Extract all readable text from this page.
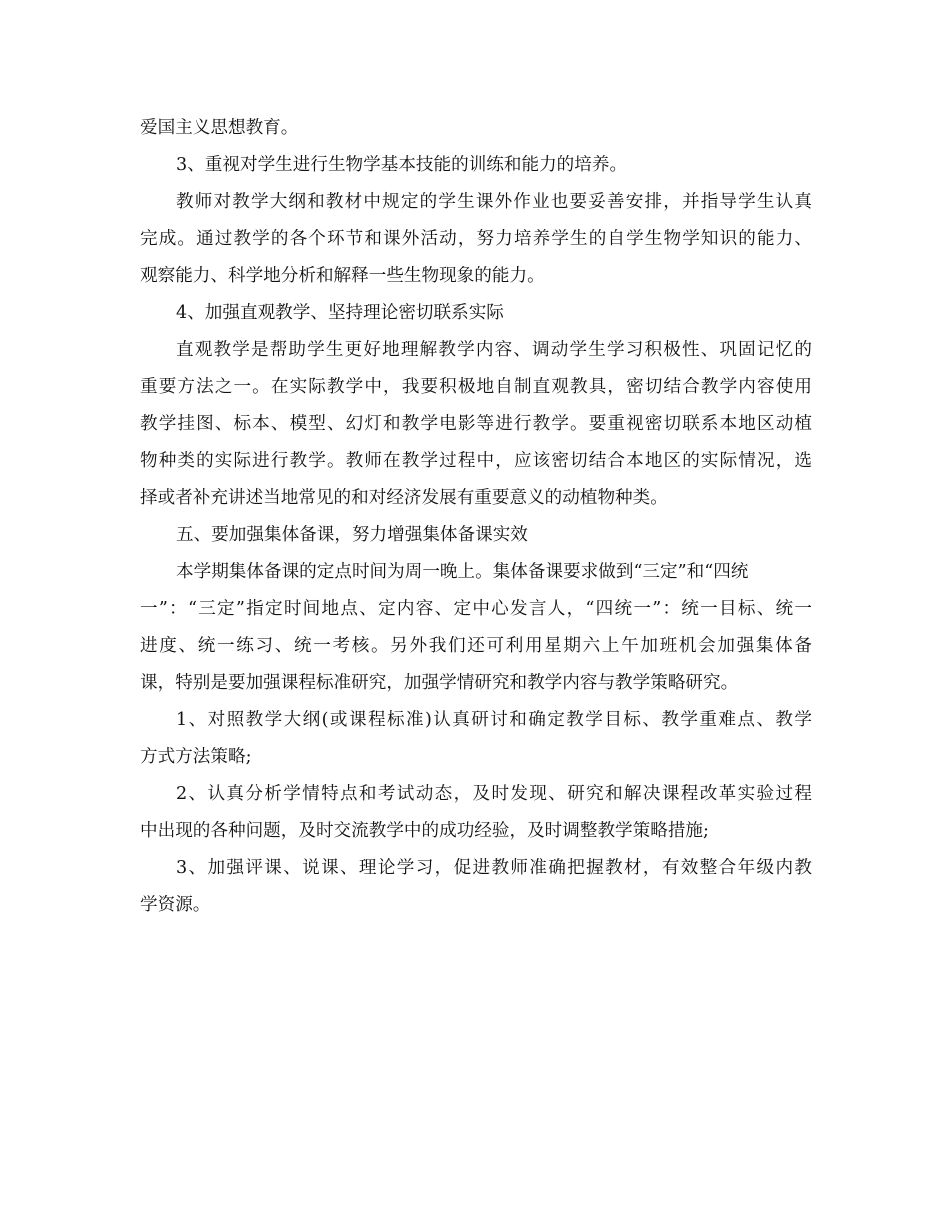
爱国主义思想教育。
3、重视对学生进行生物学基本技能的训练和能力的培养。
教师对教学大纲和教材中规定的学生课外作业也要妥善安排，并指导学生认真
完成。通过教学的各个环节和课外活动，努力培养学生的自学生物学知识的能力、
观察能力、科学地分析和解释一些生物现象的能力。
4、加强直观教学、坚持理论密切联系实际
直观教学是帮助学生更好地理解教学内容、调动学生学习积极性、巩固记忆的
重要方法之一。在实际教学中，我要积极地自制直观教具，密切结合教学内容使用
教学挂图、标本、模型、幻灯和教学电影等进行教学。要重视密切联系本地区动植
物种类的实际进行教学。教师在教学过程中，应该密切结合本地区的实际情况，选
择或者补充讲述当地常见的和对经济发展有重要意义的动植物种类。
五、要加强集体备课，努力增强集体备课实效
本学期集体备课的定点时间为周一晚上。集体备课要求做到“三定”和“四统
一”：“三定”指定时间地点、定内容、定中心发言人，“四统一”：统一目标、统一
进度、统一练习、统一考核。另外我们还可利用星期六上午加班机会加强集体备
课，特别是要加强课程标准研究，加强学情研究和教学内容与教学策略研究。
1、对照教学大纲(或课程标准)认真研讨和确定教学目标、教学重难点、教学
方式方法策略;
2、认真分析学情特点和考试动态，及时发现、研究和解决课程改革实验过程
中出现的各种问题，及时交流教学中的成功经验，及时调整教学策略措施;
3、加强评课、说课、理论学习，促进教师准确把握教材，有效整合年级内教
学资源。
